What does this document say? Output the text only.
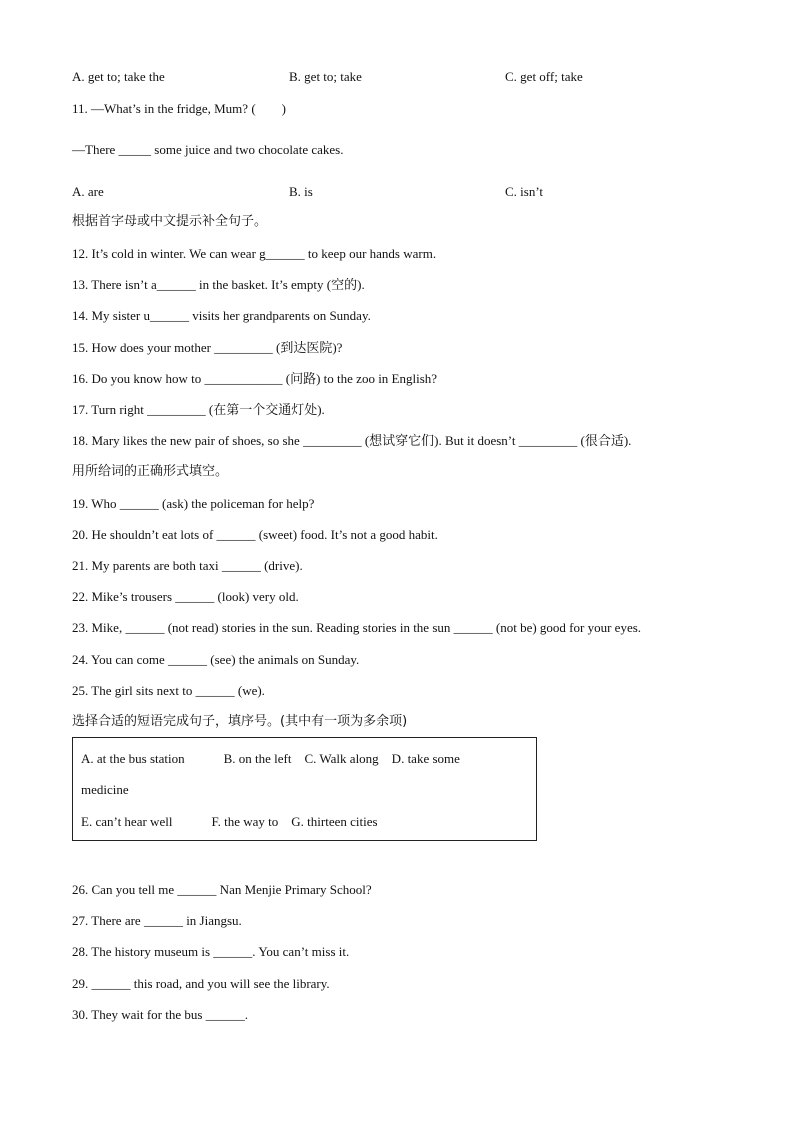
A. get to; take the	B. get to; take	C. get off; take
11. —What’s in the fridge, Mum? (　　)
—There _____ some juice and two chocolate cakes.
A. are	B. is	C. isn’t
根据首字母或中文提示补全句子。
12. It’s cold in winter. We can wear g______ to keep our hands warm.
13. There isn’t a______ in the basket. It’s empty (空的).
14. My sister u______ visits her grandparents on Sunday.
15. How does your mother _________ (到达医院)?
16. Do you know how to ____________ (问路) to the zoo in English?
17. Turn right _________ (在第一个交通灯处).
18. Mary likes the new pair of shoes, so she _________ (想试穿它们). But it doesn’t _________ (很合适).
用所给词的正确形式填空。
19. Who ______ (ask) the policeman for help?
20. He shouldn’t eat lots of ______ (sweet) food. It’s not a good habit.
21. My parents are both taxi ______ (drive).
22. Mike’s trousers ______ (look) very old.
23. Mike, ______ (not read) stories in the sun. Reading stories in the sun ______ (not be) good for your eyes.
24. You can come ______ (see) the animals on Sunday.
25. The girl sits next to ______ (we).
选择合适的短语完成句子，填序号。(其中有一项为多余项)
A. at the bus station　　　B. on the left　C. Walk along　D. take some
medicine
E. can’t hear well　　　F. the way to　G. thirteen cities
26. Can you tell me ______ Nan Menjie Primary School?
27. There are ______ in Jiangsu.
28. The history museum is ______. You can’t miss it.
29. ______ this road, and you will see the library.
30. They wait for the bus ______.
